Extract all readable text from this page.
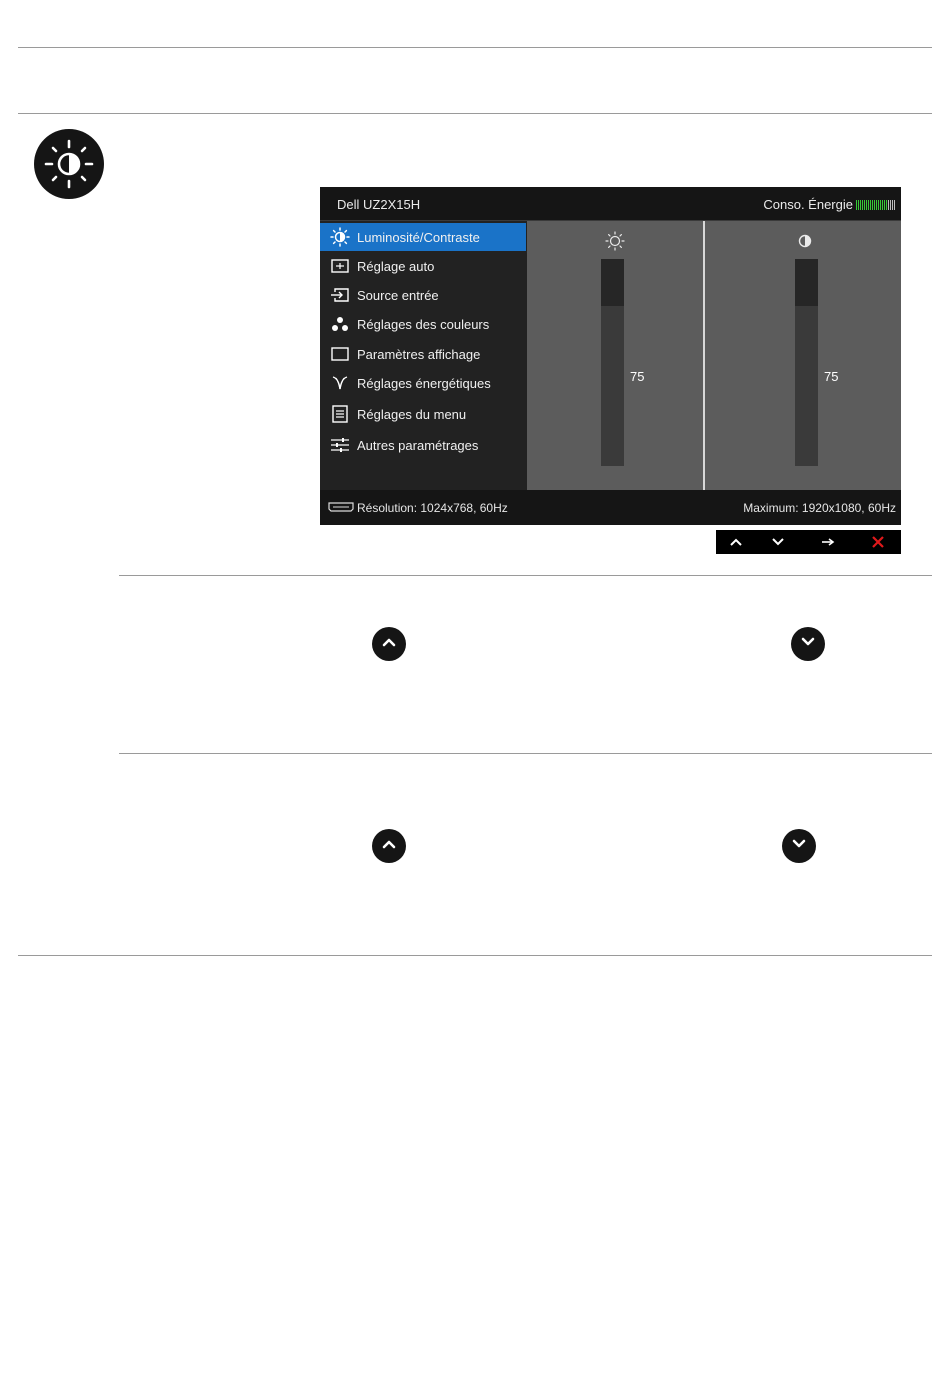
Dell UZ2X15H	Conso. Énergie
Luminosité/Contraste
Réglage auto
Source entrée
Réglages des couleurs
Paramètres affichage
Réglages énergétiques
Réglages du menu
Autres paramétrages
75	75
Résolution: 1024x768, 60Hz	Maximum: 1920x1080, 60Hz
